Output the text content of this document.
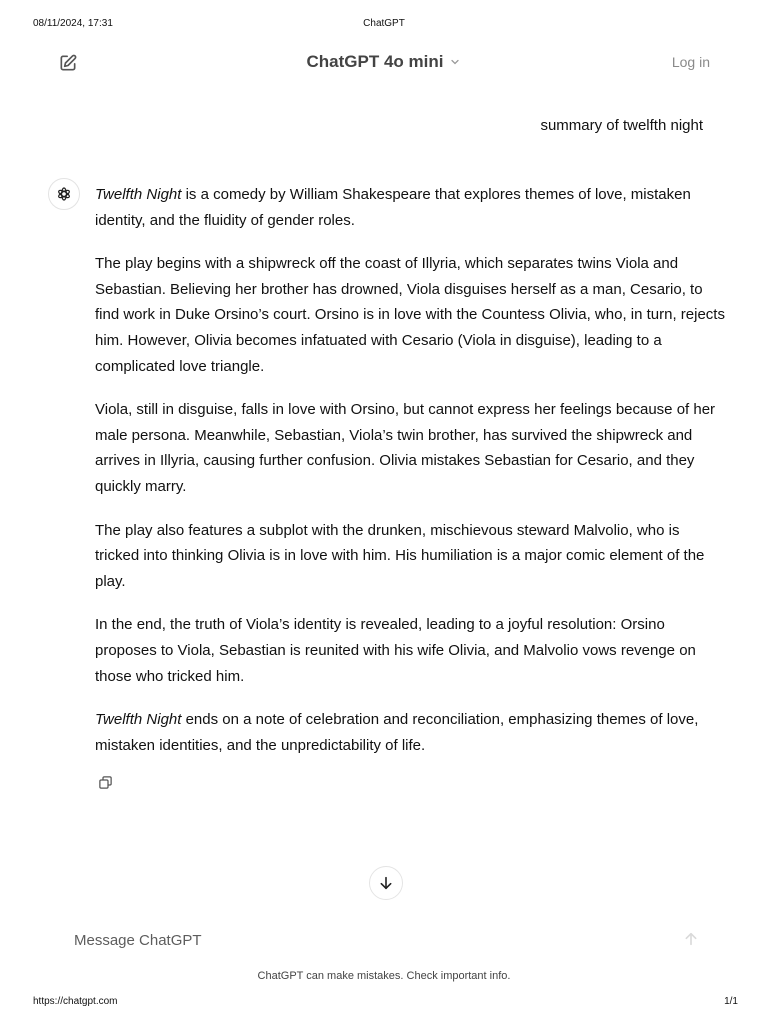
08/11/2024, 17:31	ChatGPT
ChatGPT 4o mini	Log in
summary of twelfth night

Twelfth Night is a comedy by William Shakespeare that explores themes of love, mistaken identity, and the fluidity of gender roles.

The play begins with a shipwreck off the coast of Illyria, which separates twins Viola and Sebastian. Believing her brother has drowned, Viola disguises herself as a man, Cesario, to find work in Duke Orsino’s court. Orsino is in love with the Countess Olivia, who, in turn, rejects him. However, Olivia becomes infatuated with Cesario (Viola in disguise), leading to a complicated love triangle.

Viola, still in disguise, falls in love with Orsino, but cannot express her feelings because of her male persona. Meanwhile, Sebastian, Viola’s twin brother, has survived the shipwreck and arrives in Illyria, causing further confusion. Olivia mistakes Sebastian for Cesario, and they quickly marry.

The play also features a subplot with the drunken, mischievous steward Malvolio, who is tricked into thinking Olivia is in love with him. His humiliation is a major comic element of the play.

In the end, the truth of Viola’s identity is revealed, leading to a joyful resolution: Orsino proposes to Viola, Sebastian is reunited with his wife Olivia, and Malvolio vows revenge on those who tricked him.

Twelfth Night ends on a note of celebration and reconciliation, emphasizing themes of love, mistaken identities, and the unpredictability of life.

Message ChatGPT
ChatGPT can make mistakes. Check important info.
https://chatgpt.com	1/1
